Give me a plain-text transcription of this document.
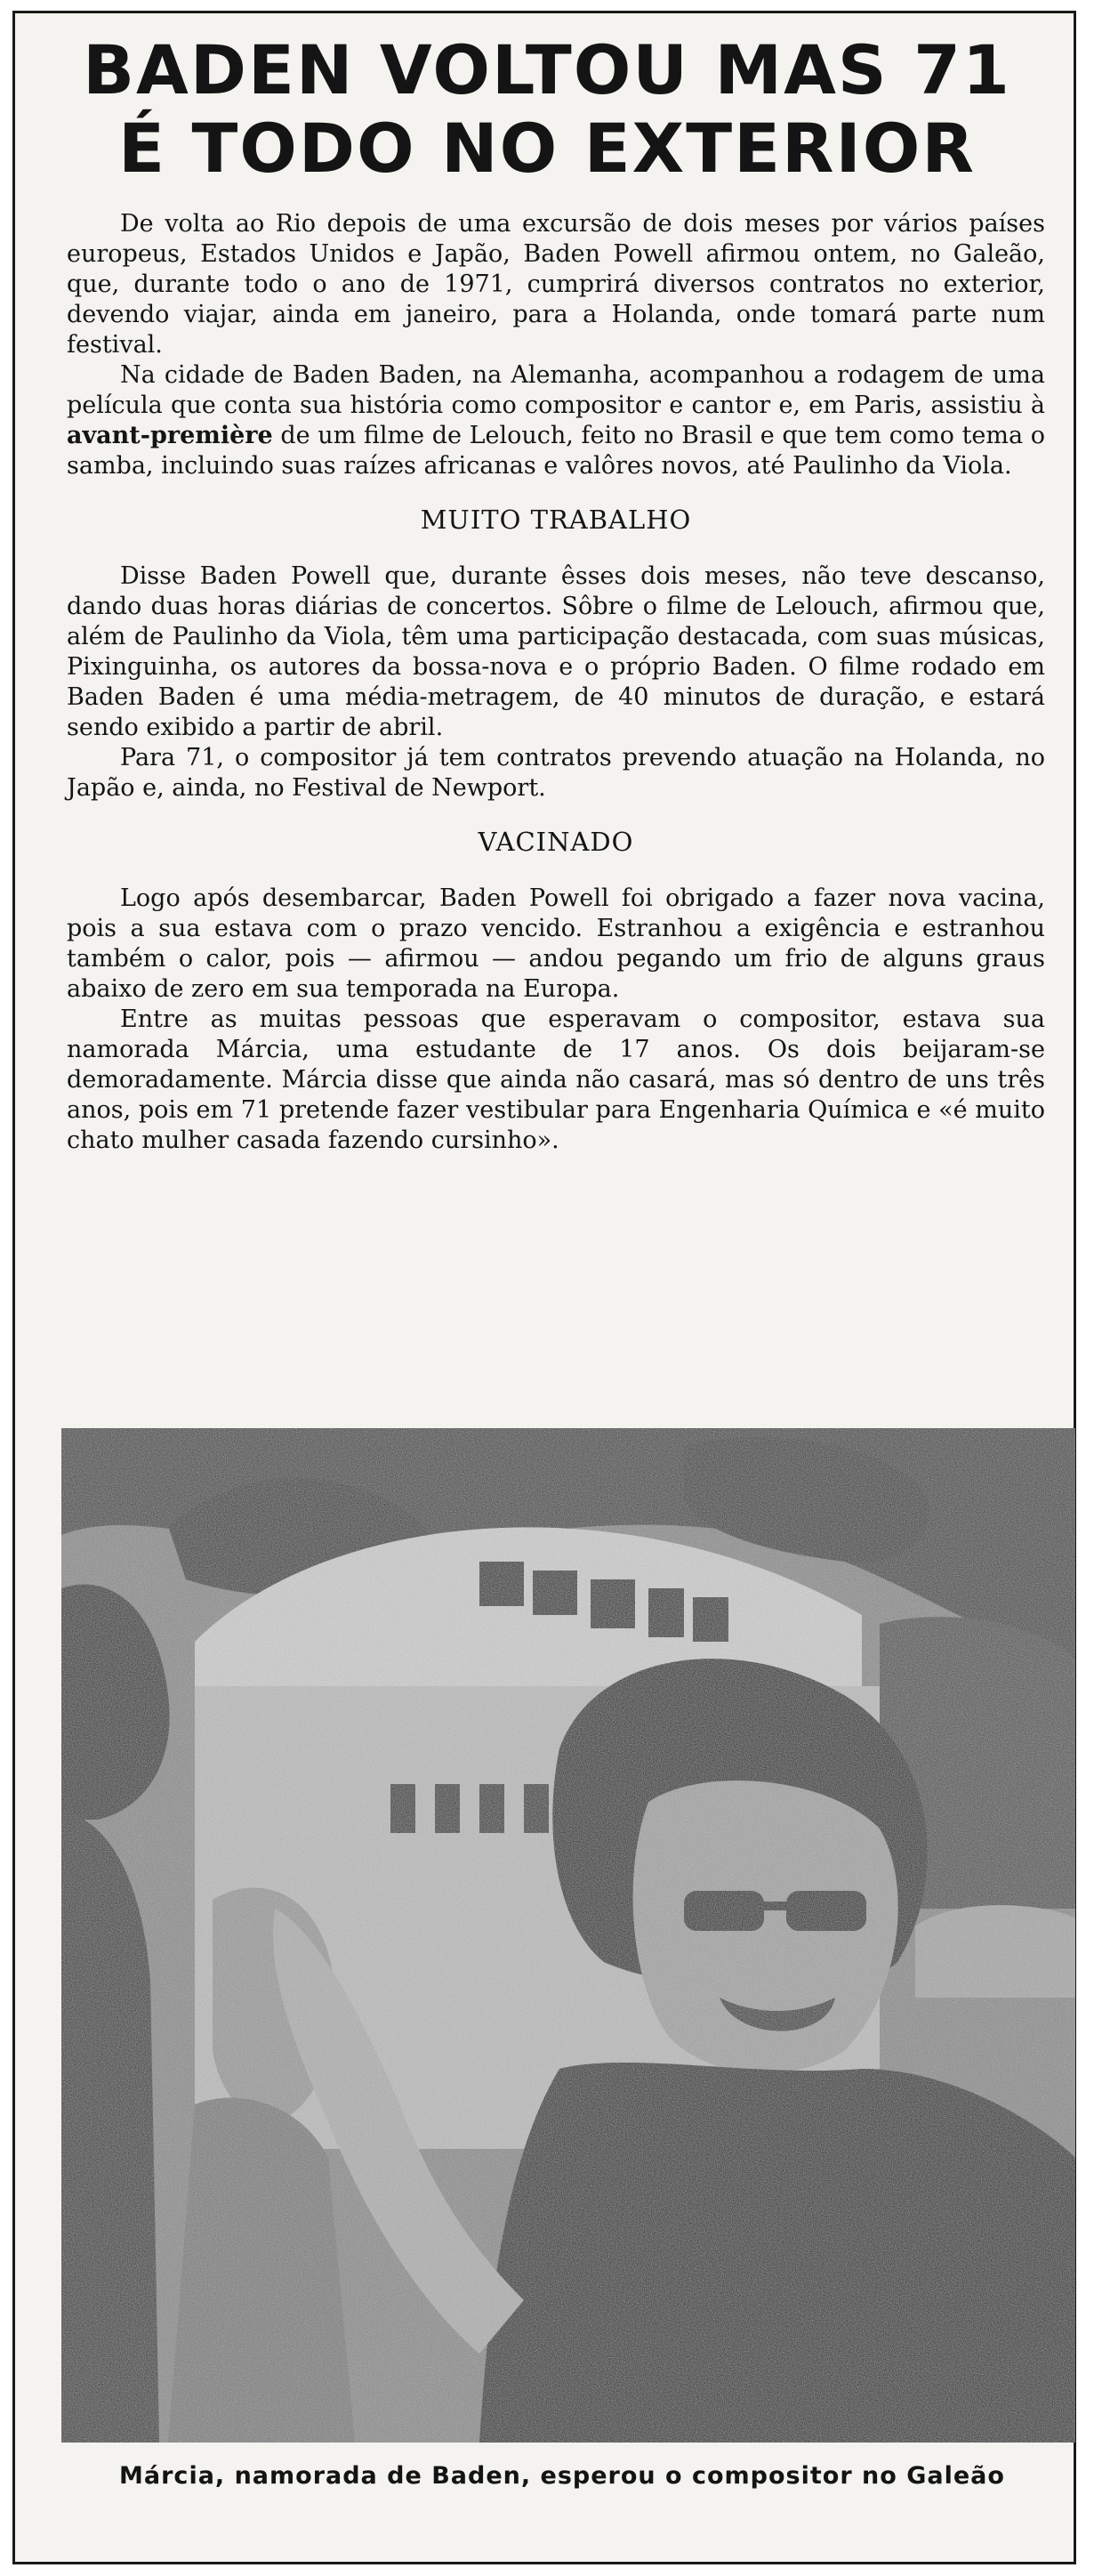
BADEN VOLTOU MAS 71
É TODO NO EXTERIOR

De volta ao Rio depois de uma excursão de dois meses por vários países europeus, Estados Unidos e Japão, Baden Powell afirmou ontem, no Galeão, que, durante todo o ano de 1971, cumprirá diversos contratos no exterior, devendo viajar, ainda em janeiro, para a Holanda, onde tomará parte num festival.

Na cidade de Baden Baden, na Alemanha, acompanhou a rodagem de uma película que conta sua história como compositor e cantor e, em Paris, assistiu à avant-première de um filme de Lelouch, feito no Brasil e que tem como tema o samba, incluindo suas raízes africanas e valôres novos, até Paulinho da Viola.

MUITO TRABALHO

Disse Baden Powell que, durante êsses dois meses, não teve descanso, dando duas horas diárias de concertos. Sôbre o filme de Lelouch, afirmou que, além de Paulinho da Viola, têm uma participação destacada, com suas músicas, Pixinguinha, os autores da bossa-nova e o próprio Baden. O filme rodado em Baden Baden é uma média-metragem, de 40 minutos de duração, e estará sendo exibido a partir de abril.

Para 71, o compositor já tem contratos prevendo atuação na Holanda, no Japão e, ainda, no Festival de Newport.

VACINADO

Logo após desembarcar, Baden Powell foi obrigado a fazer nova vacina, pois a sua estava com o prazo vencido. Estranhou a exigência e estranhou também o calor, pois — afirmou — andou pegando um frio de alguns graus abaixo de zero em sua temporada na Europa.

Entre as muitas pessoas que esperavam o compositor, estava sua namorada Márcia, uma estudante de 17 anos. Os dois beijaram-se demoradamente. Márcia disse que ainda não casará, mas só dentro de uns três anos, pois em 71 pretende fazer vestibular para Engenharia Química e «é muito chato mulher casada fazendo cursinho».

Márcia, namorada de Baden, esperou o compositor no Galeão
